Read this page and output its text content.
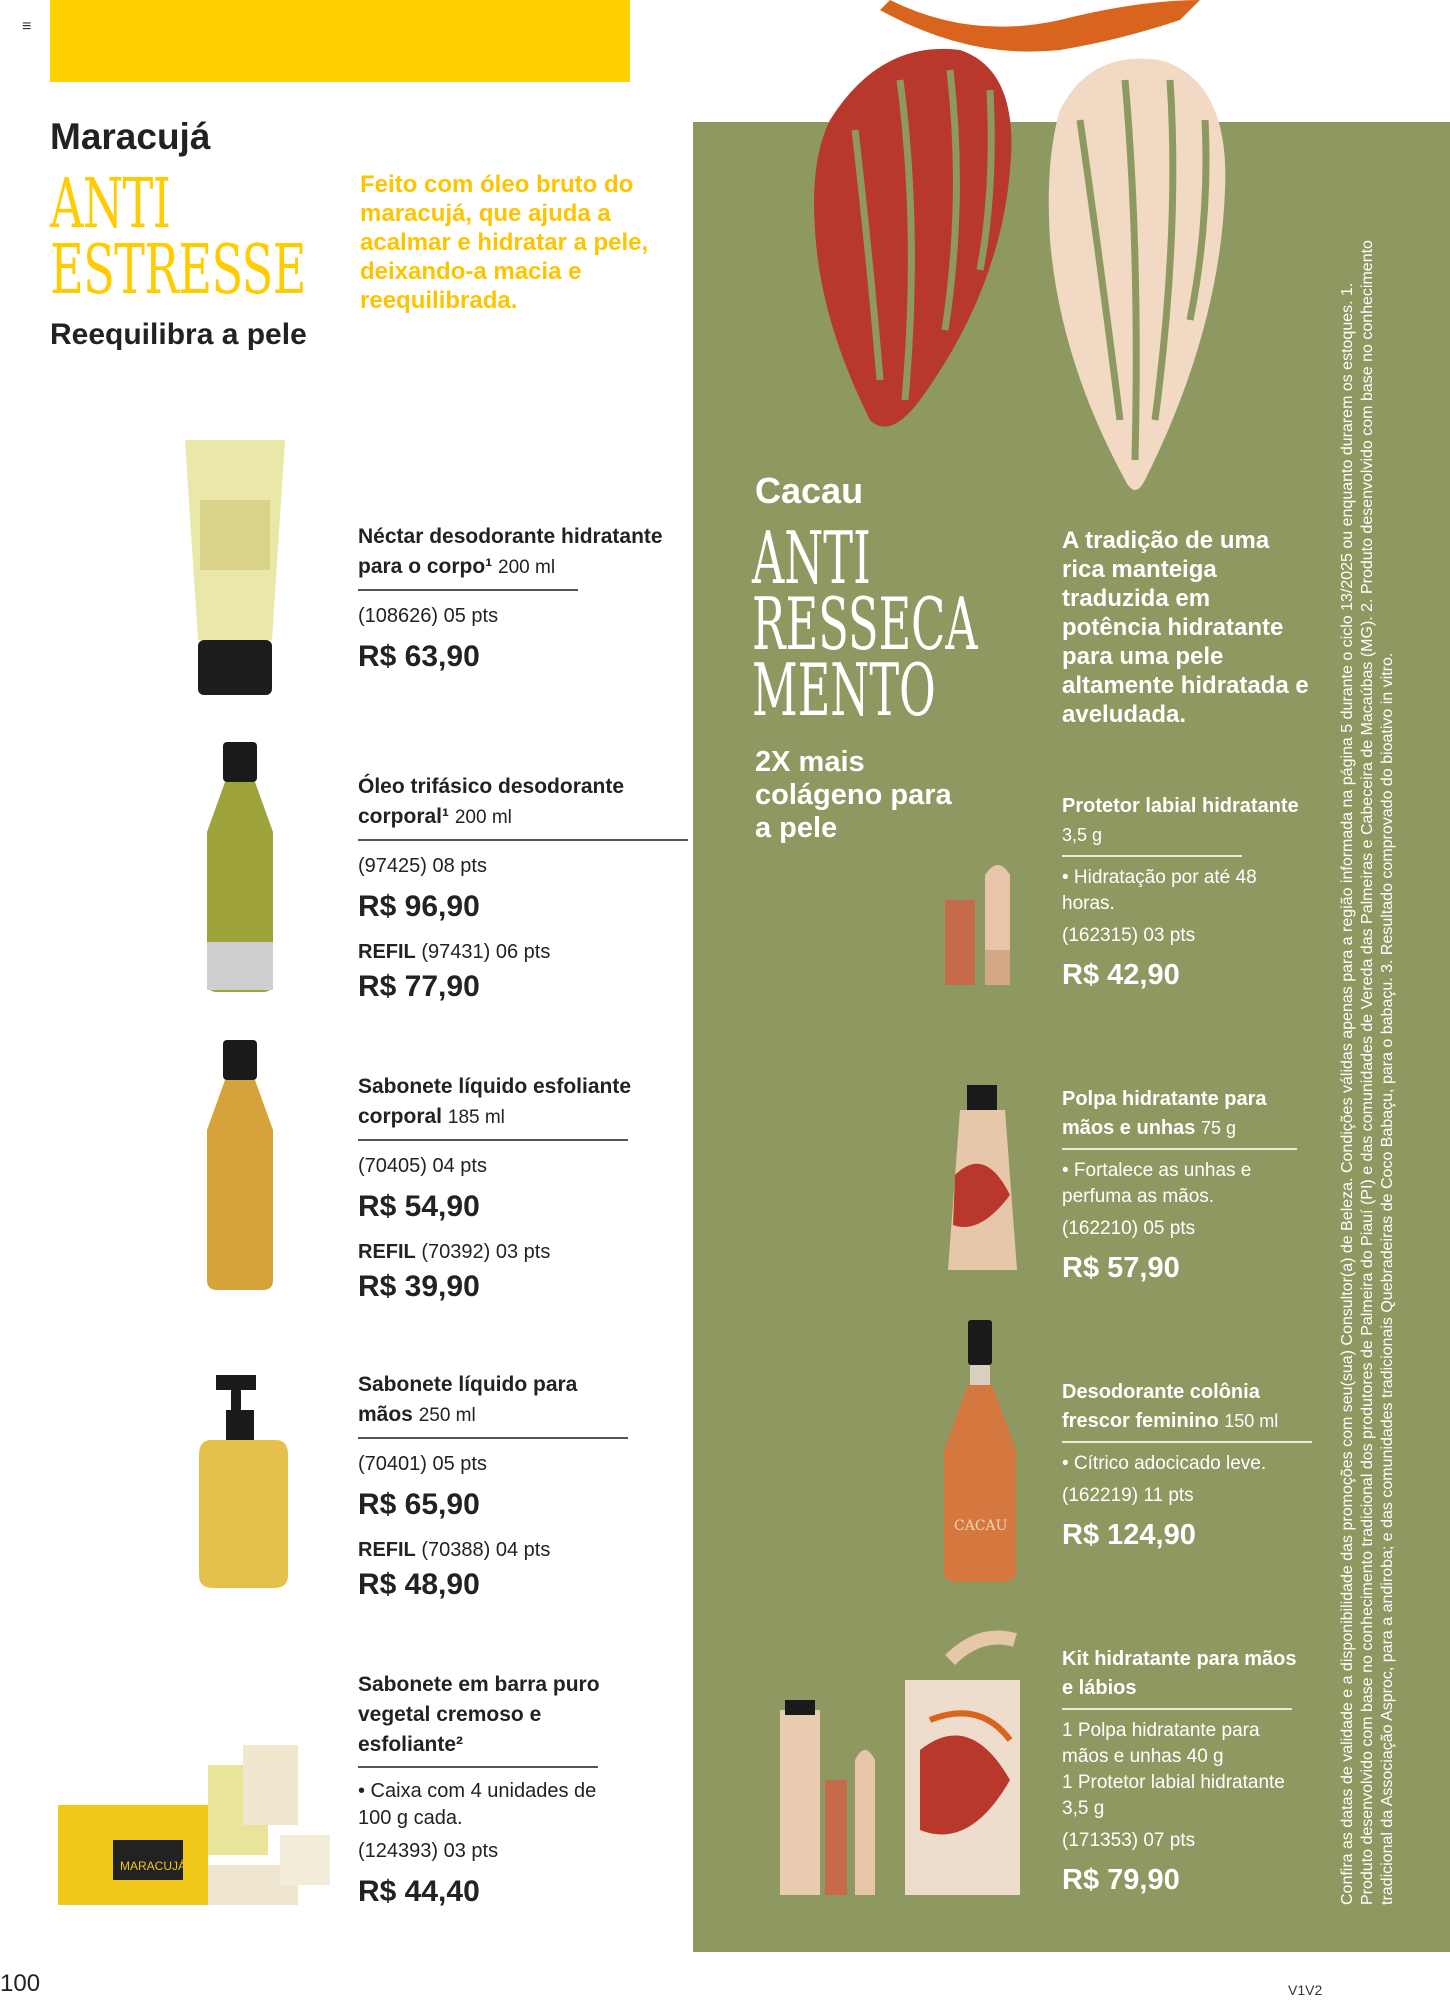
≡
Maracujá
ANTI
ESTRESSE
Reequilibra a pele
Feito com óleo bruto do maracujá, que ajuda a acalmar e hidratar a pele, deixando-a macia e reequilibrada.
MARACUJÁ
Néctar desodorante hidratante para o corpo¹ 200 ml
(108626) 05 pts
R$ 63,90
Óleo trifásico desodorante corporal¹ 200 ml
(97425) 08 pts
R$ 96,90
REFIL (97431) 06 pts
R$ 77,90
Sabonete líquido esfoliante corporal 185 ml
(70405) 04 pts
R$ 54,90
REFIL (70392) 03 pts
R$ 39,90
Sabonete líquido para mãos 250 ml
(70401) 05 pts
R$ 65,90
REFIL (70388) 04 pts
R$ 48,90
Sabonete em barra puro vegetal cremoso e esfoliante²
• Caixa com 4 unidades de 100 g cada.
(124393) 03 pts
R$ 44,40
Cacau
ANTI
RESSECA
MENTO
2X mais colágeno para a pele
A tradição de uma rica manteiga traduzida em potência hidratante para uma pele altamente hidratada e aveludada.
CACAU
Protetor labial hidratante 3,5 g
• Hidratação por até 48 horas.
(162315) 03 pts
R$ 42,90
Polpa hidratante para mãos e unhas 75 g
• Fortalece as unhas e perfuma as mãos.
(162210) 05 pts
R$ 57,90
Desodorante colônia frescor feminino 150 ml
• Cítrico adocicado leve.
(162219) 11 pts
R$ 124,90
Kit hidratante para mãos e lábios
1 Polpa hidratante para mãos e unhas 40 g
1 Protetor labial hidratante 3,5 g
(171353) 07 pts
R$ 79,90	Confira as datas de validade e a disponibilidade das promoções com seu(sua) Consultor(a) de Beleza. Condições válidas apenas para a região informada na página 5 durante o ciclo 13/2025 ou enquanto durarem os estoques. 1. Produto desenvolvido com base no conhecimento tradicional dos produtores de Palmeira do Piauí (PI) e das comunidades de Vereda das Palmeiras e Cabeceira de Macaúbas (MG). 2. Produto desenvolvido com base no conhecimento tradicional da Associação Asproc, para a andiroba; e das comunidades tradicionais Quebradeiras de Coco Babaçu, para o babaçu. 3. Resultado comprovado do bioativo in vitro.
100	V1V2
